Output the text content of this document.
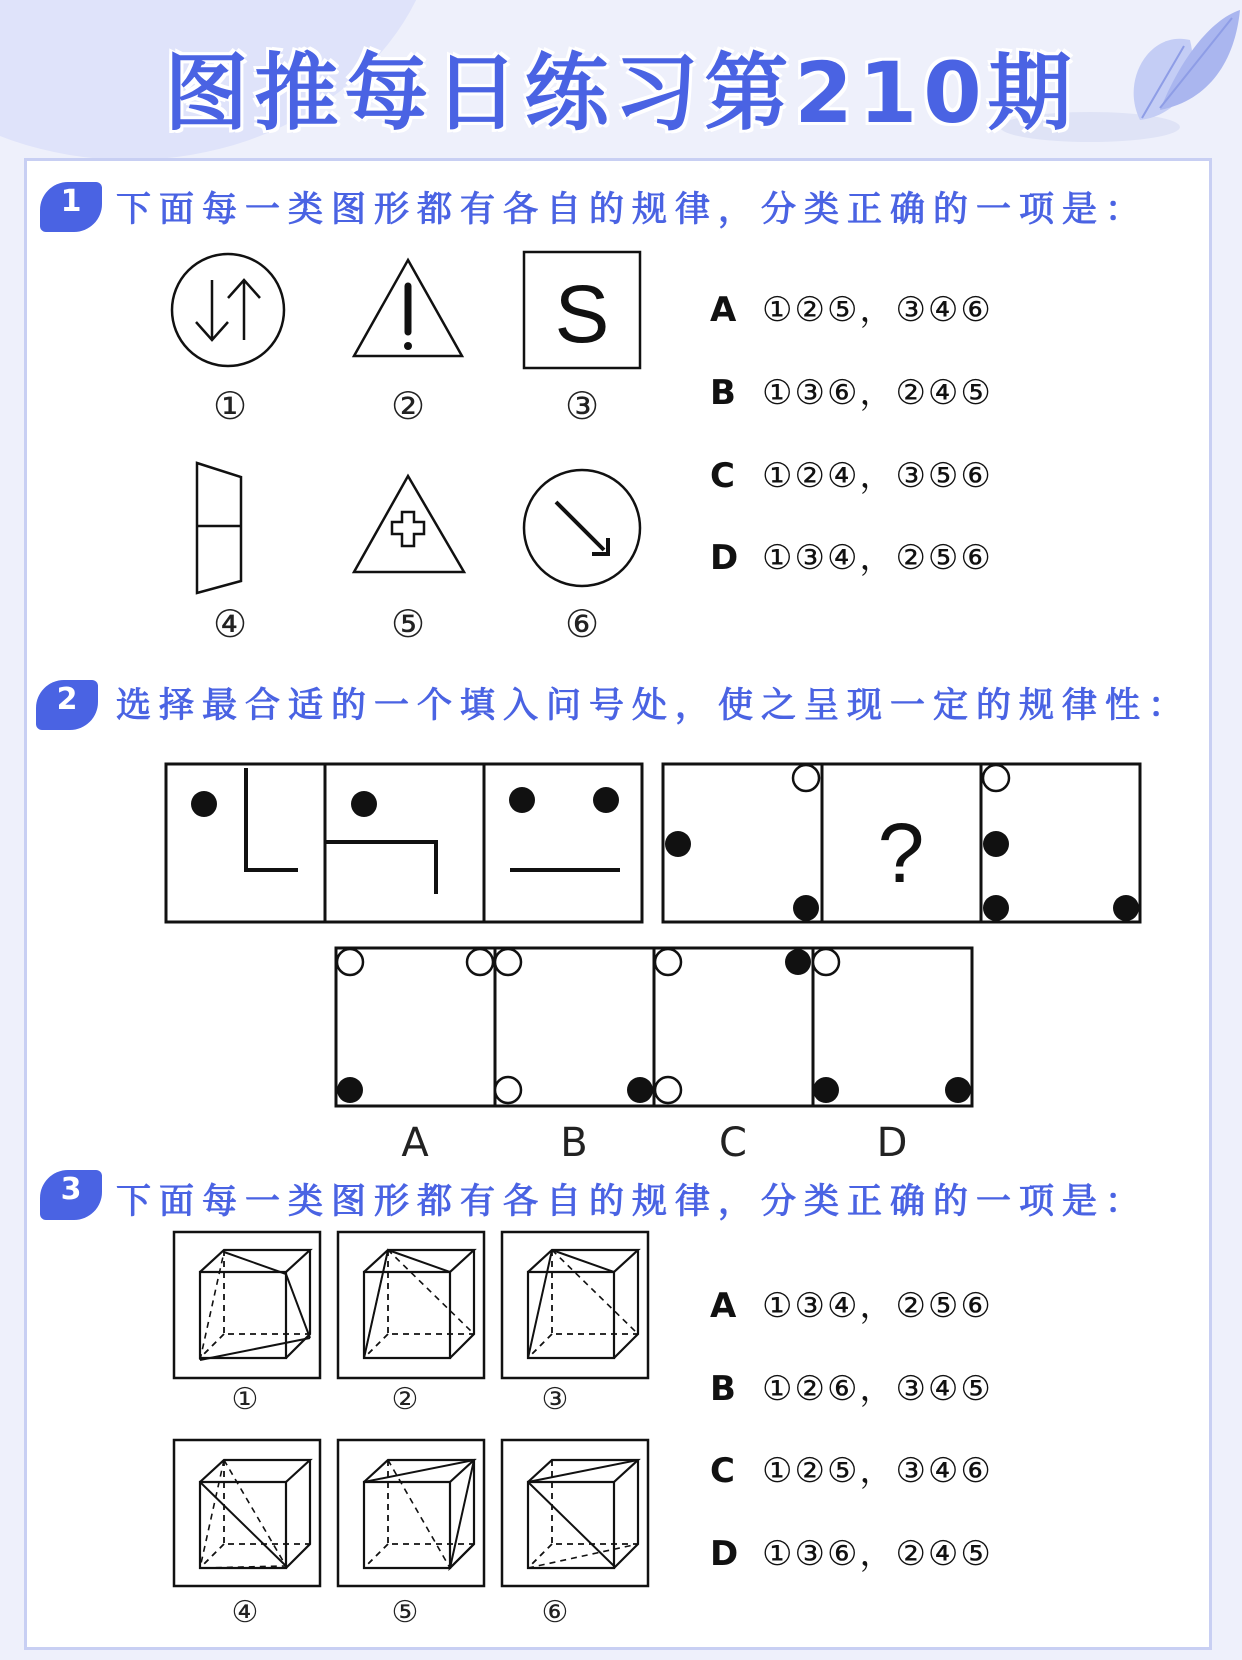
图推每日练习第210期
1 下面每一类图形都有各自的规律，分类正确的一项是：
S
①	②	③
④	⑤	⑥
A ①②⑤，③④⑥
B ①③⑥，②④⑤
C ①②④，③⑤⑥
D ①③④，②⑤⑥
2	选择最合适的一个填入问号处，使之呈现一定的规律性：
?
A	B	C	D
3 下面每一类图形都有各自的规律，分类正确的一项是：
①	②	③
④	⑤	⑥
A ①③④，②⑤⑥
B ①②⑥，③④⑤
C ①②⑤，③④⑥
D ①③⑥，②④⑤
